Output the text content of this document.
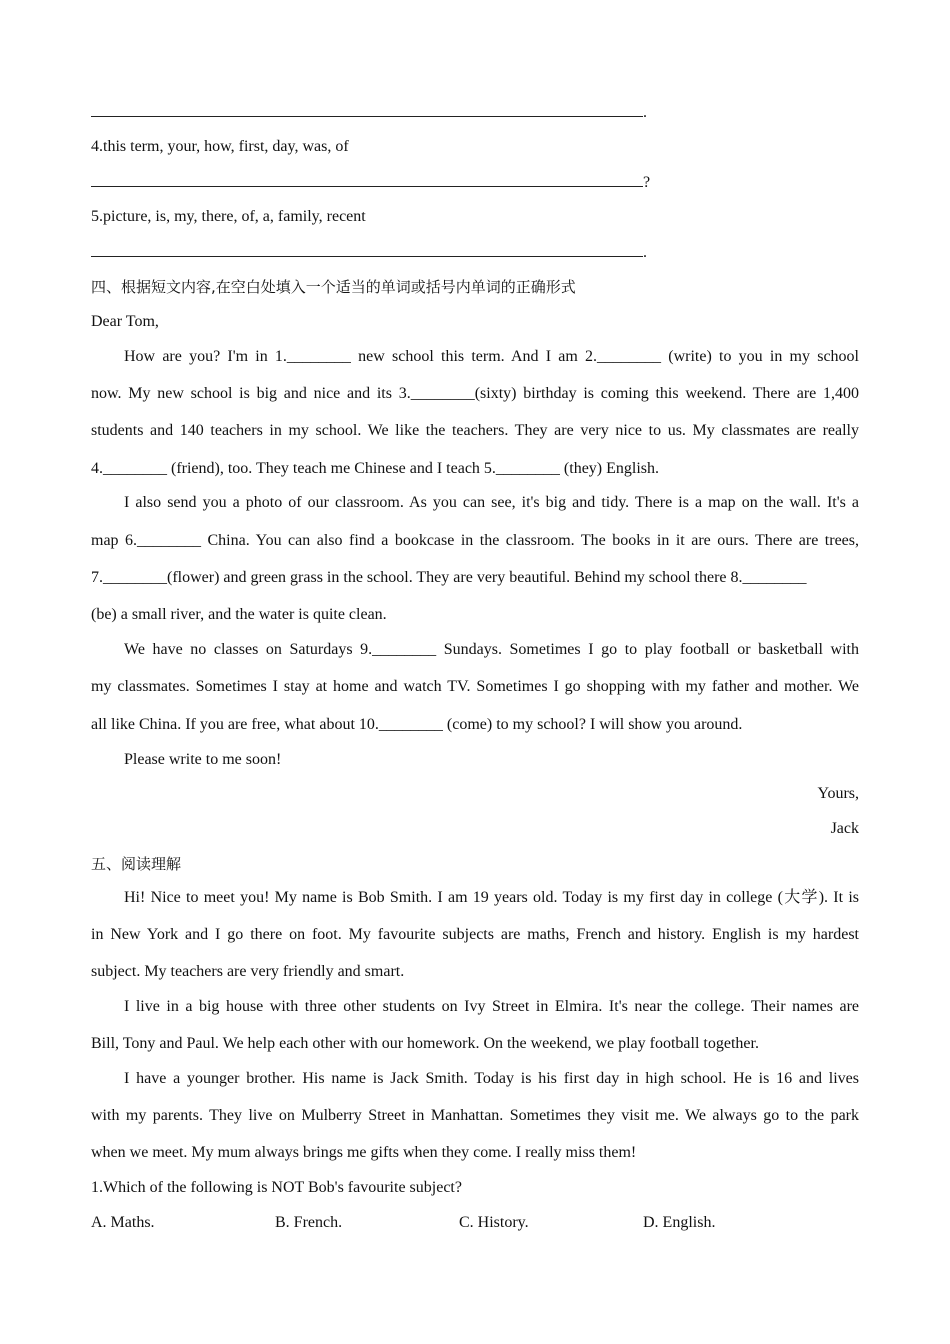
.
4.this term, your, how, first, day, was, of
?
5.picture, is, my, there, of, a, family, recent
.
四、根据短文内容,在空白处填入一个适当的单词或括号内单词的正确形式
Dear Tom,
How are you? I'm in 1.________ new school this term. And I am 2.________ (write) to you in my school
now. My new school is big and nice and its 3.________(sixty) birthday is coming this weekend. There are 1,400
students and 140 teachers in my school. We like the teachers. They are very nice to us. My classmates are really
4.________ (friend), too. They teach me Chinese and I teach 5.________ (they) English.
I also send you a photo of our classroom. As you can see, it's big and tidy. There is a map on the wall. It's a
map 6.________ China. You can also find a bookcase in the classroom. The books in it are ours. There are trees,
7.________(flower) and green grass in the school. They are very beautiful. Behind my school there 8.________
(be) a small river, and the water is quite clean.
We have no classes on Saturdays 9.________ Sundays. Sometimes I go to play football or basketball with
my classmates. Sometimes I stay at home and watch TV. Sometimes I go shopping with my father and mother. We
all like China. If you are free, what about 10.________ (come) to my school? I will show you around.
Please write to me soon!
Yours,
Jack
五、阅读理解
Hi! Nice to meet you! My name is Bob Smith. I am 19 years old. Today is my first day in college (大学). It is
in New York and I go there on foot. My favourite subjects are maths, French and history. English is my hardest
subject. My teachers are very friendly and smart.
I live in a big house with three other students on Ivy Street in Elmira. It's near the college. Their names are
Bill, Tony and Paul. We help each other with our homework. On the weekend, we play football together.
I have a younger brother. His name is Jack Smith. Today is his first day in high school. He is 16 and lives
with my parents. They live on Mulberry Street in Manhattan. Sometimes they visit me. We always go to the park
when we meet. My mum always brings me gifts when they come. I really miss them!
1.Which of the following is NOT Bob's favourite subject?
A. Maths.	B. French.	C. History.	D. English.
